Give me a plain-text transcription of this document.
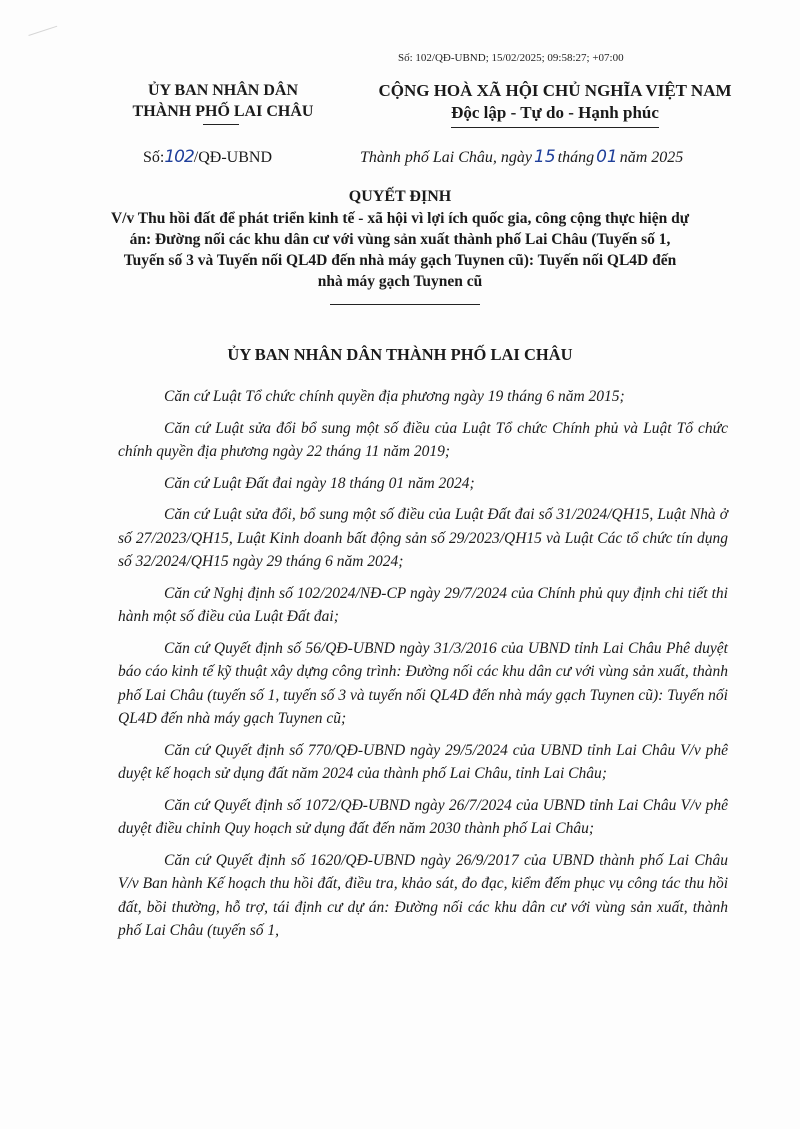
Số: 102/QĐ-UBND; 15/02/2025; 09:58:27; +07:00
ỦY BAN NHÂN DÂN
THÀNH PHỐ LAI CHÂU
CỘNG HOÀ XÃ HỘI CHỦ NGHĨA VIỆT NAM
Độc lập - Tự do - Hạnh phúc
Số:102/QĐ-UBND	Thành phố Lai Châu, ngày 15 tháng 01 năm 2025
QUYẾT ĐỊNH
V/v Thu hồi đất để phát triển kinh tế - xã hội vì lợi ích quốc gia, công cộng thực hiện dự án: Đường nối các khu dân cư với vùng sản xuất thành phố Lai Châu (Tuyến số 1, Tuyến số 3 và Tuyến nối QL4D đến nhà máy gạch Tuynen cũ): Tuyến nối QL4D đến nhà máy gạch Tuynen cũ
ỦY BAN NHÂN DÂN THÀNH PHỐ LAI CHÂU

Căn cứ Luật Tổ chức chính quyền địa phương ngày 19 tháng 6 năm 2015;

Căn cứ Luật sửa đổi bổ sung một số điều của Luật Tổ chức Chính phủ và Luật Tổ chức chính quyền địa phương ngày 22 tháng 11 năm 2019;

Căn cứ Luật Đất đai ngày 18 tháng 01 năm 2024;

Căn cứ Luật sửa đổi, bổ sung một số điều của Luật Đất đai số 31/2024/QH15, Luật Nhà ở số 27/2023/QH15, Luật Kinh doanh bất động sản số 29/2023/QH15 và Luật Các tổ chức tín dụng số 32/2024/QH15 ngày 29 tháng 6 năm 2024;

Căn cứ Nghị định số 102/2024/NĐ-CP ngày 29/7/2024 của Chính phủ quy định chi tiết thi hành một số điều của Luật Đất đai;

Căn cứ Quyết định số 56/QĐ-UBND ngày 31/3/2016 của UBND tỉnh Lai Châu Phê duyệt báo cáo kinh tế kỹ thuật xây dựng công trình: Đường nối các khu dân cư với vùng sản xuất, thành phố Lai Châu (tuyến số 1, tuyến số 3 và tuyến nối QL4D đến nhà máy gạch Tuynen cũ): Tuyến nối QL4D đến nhà máy gạch Tuynen cũ;

Căn cứ Quyết định số 770/QĐ-UBND ngày 29/5/2024 của UBND tỉnh Lai Châu V/v phê duyệt kế hoạch sử dụng đất năm 2024 của thành phố Lai Châu, tỉnh Lai Châu;

Căn cứ Quyết định số 1072/QĐ-UBND ngày 26/7/2024 của UBND tỉnh Lai Châu V/v phê duyệt điều chỉnh Quy hoạch sử dụng đất đến năm 2030 thành phố Lai Châu;

Căn cứ Quyết định số 1620/QĐ-UBND ngày 26/9/2017 của UBND thành phố Lai Châu V/v Ban hành Kế hoạch thu hồi đất, điều tra, khảo sát, đo đạc, kiểm đếm phục vụ công tác thu hồi đất, bồi thường, hỗ trợ, tái định cư dự án: Đường nối các khu dân cư với vùng sản xuất, thành phố Lai Châu (tuyến số 1,
